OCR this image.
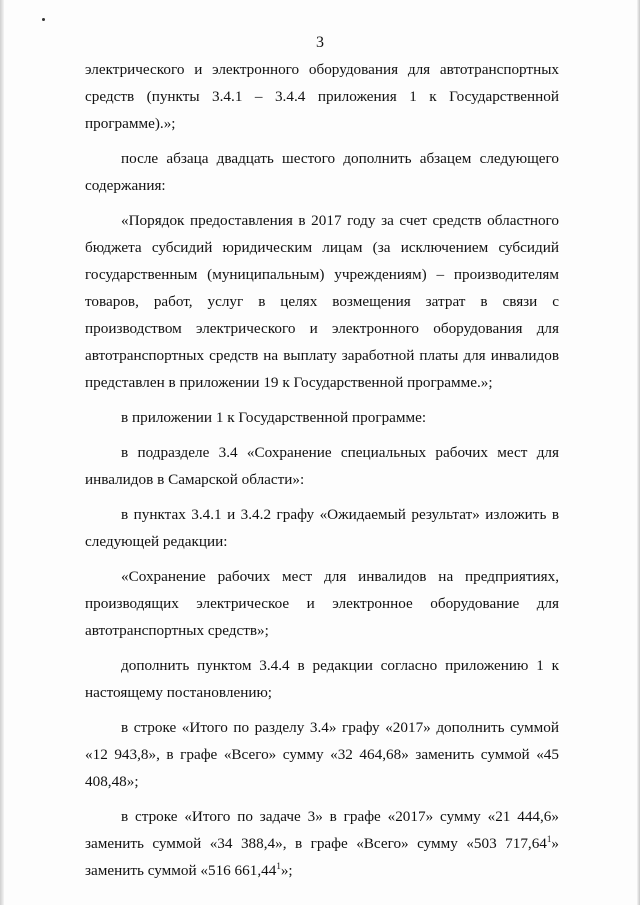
3

электрического и электронного оборудования для автотранспортных средств (пункты 3.4.1 – 3.4.4 приложения 1 к Государственной программе).»;

после абзаца двадцать шестого дополнить абзацем следующего содержания:

«Порядок предоставления в 2017 году за счет средств областного бюджета субсидий юридическим лицам (за исключением субсидий государственным (муниципальным) учреждениям) – производителям товаров, работ, услуг в целях возмещения затрат в связи с производством электрического и электронного оборудования для автотранспортных средств на выплату заработной платы для инвалидов представлен в приложении 19 к Государственной программе.»;

в приложении 1 к Государственной программе:

в подразделе 3.4 «Сохранение специальных рабочих мест для инвалидов в Самарской области»:

в пунктах 3.4.1 и 3.4.2 графу «Ожидаемый результат» изложить в следующей редакции:

«Сохранение рабочих мест для инвалидов на предприятиях, производящих электрическое и электронное оборудование для автотранспортных средств»;

дополнить пунктом 3.4.4 в редакции согласно приложению 1 к настоящему постановлению;

в строке «Итого по разделу 3.4» графу «2017» дополнить суммой «12 943,8», в графе «Всего» сумму «32 464,68» заменить суммой «45 408,48»;

в строке «Итого по задаче 3» в графе «2017» сумму «21 444,6» заменить суммой «34 388,4», в графе «Всего» сумму «503 717,64$^1$» заменить суммой «516 661,44$^1$»;
